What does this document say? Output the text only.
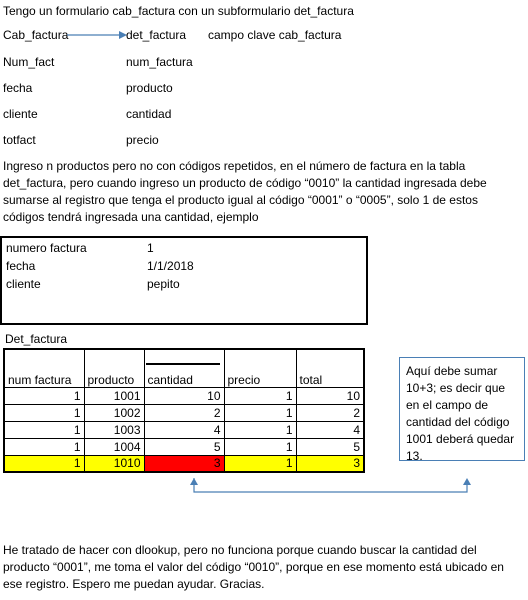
Tengo un formulario cab_factura con un subformulario det_factura
Cab_factura	det_factura campo clave cab_factura
Num_fact	num_factura
fecha	producto
cliente	cantidad
totfact	precio
Ingreso n productos pero no con códigos repetidos, en el número de factura en la tabla det_factura, pero cuando ingreso un producto de código “0010” la cantidad ingresada debe sumarse al registro que tenga el producto igual al código “0001” o “0005”, solo 1 de estos códigos tendrá ingresada una cantidad, ejemplo
numero factura	1
fecha	1/1/2018
cliente	pepito
Det_factura
num factura	producto	cantidad	precio	total
1	1001	10	1	10
1	1002	2	1	2
1	1003	4	1	4
1	1004	5	1	5
1	1010	3	1	3
Aquí debe sumar 10+3; es decir que en el campo de cantidad del código 1001 deberá quedar 13.
He tratado de hacer con dlookup, pero no funciona porque cuando buscar la cantidad del producto “0001”, me toma el valor del código “0010”, porque en ese momento está ubicado en ese registro. Espero me puedan ayudar. Gracias.
